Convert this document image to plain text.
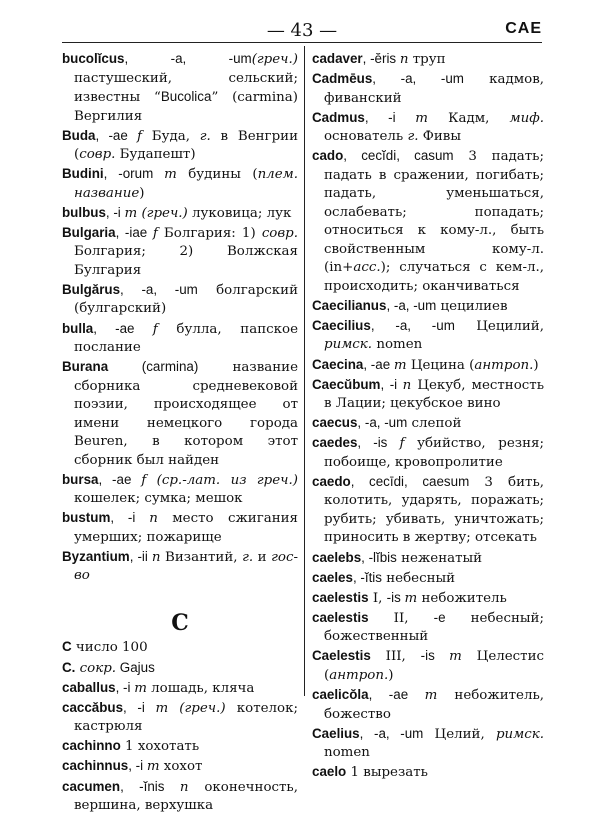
— 43 —	CAE
bucolĭcus, -a, -um(греч.) пастушеский, сельский; известны “Bucolica” (carmina) Вергилия
Buda, -ae f Буда, г. в Венгрии (совр. Будапешт)
Budini, -orum m будины (плем. название)
bulbus, -i m (греч.) луковица; лук
Bulgaria, -iae f Болгария: 1) совр. Болгария; 2) Волжская Булгария
Bulgărus, -a, -um болгарский (булгарский)
bulla, -ae f булла, папское послание
Burana (carmina) название сборника средневековой поэзии, происходящее от имени немецкого города Beuren, в котором этот сборник был найден
bursa, -ae f (ср.-лат. из греч.) кошелек; сумка; мешок
bustum, -i n место сжигания умерших; пожарище
Byzantium, -ii n Византий, г. и гос-во
C
C число 100
C. сокр. Gajus
caballus, -i m лошадь, кляча
caccăbus, -i m (греч.) котелок; кастрюля
cachinno 1 хохотать
cachinnus, -i m хохот
cacumen, -ĭnis n оконечность, вершина, верхушка
cadaver, -ĕris n труп
Cadmēus, -a, -um кадмов, фиванский
Cadmus, -i m Кадм, миф. основатель г. Фивы
cado, cecĭdi, casum 3 падать; падать в сражении, погибать; падать, уменьшаться, ослабевать; попадать; относиться к кому-л., быть свойственным кому-л. (in+acc.); случаться с кем-л., происходить; оканчиваться
Caecilianus, -a, -um цецилиев
Caecilius, -a, -um Цецилий, римск. nomen
Caecina, -ae m Цецина (антроп.)
Caecŭbum, -i n Цекуб, местность в Лации; цекубское вино
caecus, -a, -um слепой
caedes, -is f убийство, резня; побоище, кровопролитие
caedo, cecīdi, caesum 3 бить, колотить, ударять, поражать; рубить; убивать, уничтожать; приносить в жертву; отсекать
caelebs, -lĭbis неженатый
caeles, -ĭtis небесный
caelestis I, -is m небожитель
caelestis II, -e небесный; божественный
Caelestis III, -is m Целестис (антроп.)
caelicŏla, -ae m небожитель, божество
Caelius, -a, -um Целий, римск. nomen
caelo 1 вырезать
